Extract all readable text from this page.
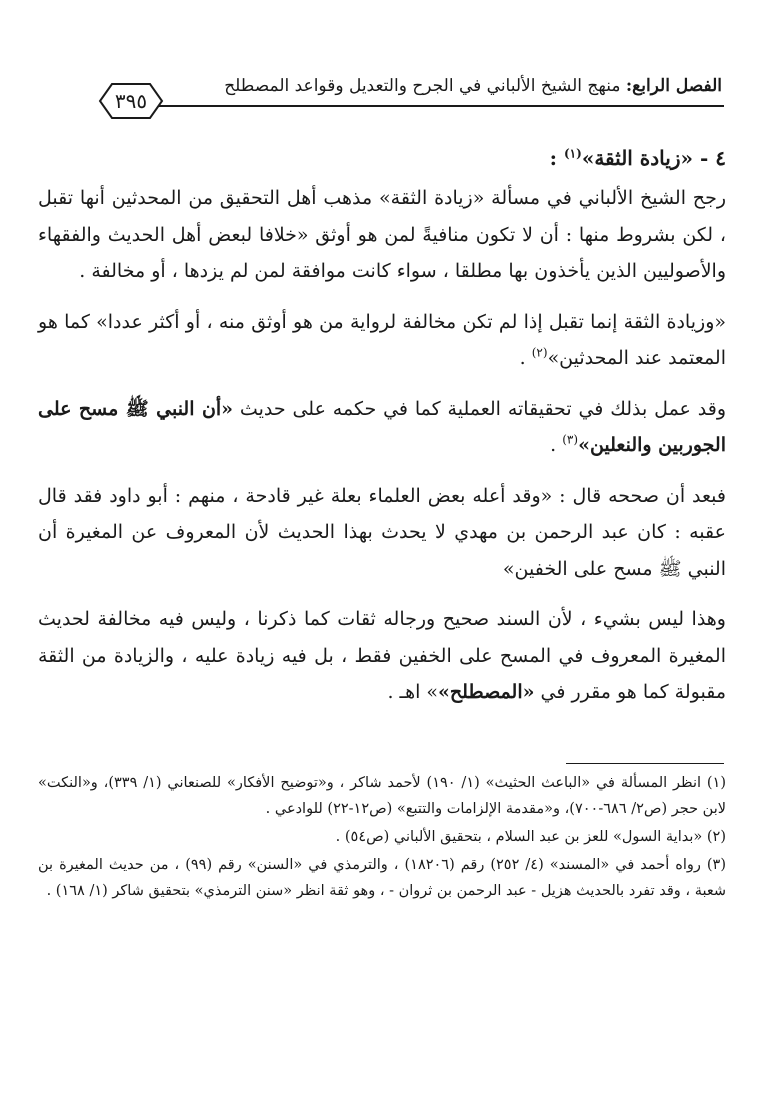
الفصل الرابع: منهج الشيخ الألباني في الجرح والتعديل وقواعد المصطلح
٣٩٥
٤ - «زيادة الثقة»$^{(١)}$ :

رجح الشيخ الألباني في مسألة «زيادة الثقة» مذهب أهل التحقيق من المحدثين أنها تقبل ، لكن بشروط منها : أن لا تكون منافيةً لمن هو أوثق «خلافا لبعض أهل الحديث والفقهاء والأصوليين الذين يأخذون بها مطلقا ، سواء كانت موافقة لمن لم يزدها ، أو مخالفة .

«وزيادة الثقة إنما تقبل إذا لم تكن مخالفة لرواية من هو أوثق منه ، أو أكثر عددا» كما هو المعتمد عند المحدثين»$^{(٢)}$ .

وقد عمل بذلك في تحقيقاته العملية كما في حكمه على حديث «أن النبي ﷺ مسح على الجوربين والنعلين»$^{(٣)}$ .

فبعد أن صححه قال : «وقد أعله بعض العلماء بعلة غير قادحة ، منهم : أبو داود فقد قال عقبه : كان عبد الرحمن بن مهدي لا يحدث بهذا الحديث لأن المعروف عن المغيرة أن النبي ﷺ مسح على الخفين»

وهذا ليس بشيء ، لأن السند صحيح ورجاله ثقات كما ذكرنا ، وليس فيه مخالفة لحديث المغيرة المعروف في المسح على الخفين فقط ، بل فيه زيادة عليه ، والزيادة من الثقة مقبولة كما هو مقرر في «المصطلح»» اهـ .

(١) انظر المسألة في «الباعث الحثيث» (١/ ١٩٠) لأحمد شاكر ، و«توضيح الأفكار» للصنعاني (١/ ٣٣٩)، و«النكت» لابن حجر (ص٢/ ٦٨٦-٧٠٠)، و«مقدمة الإلزامات والتتبع» (ص١٢-٢٢) للوادعي .

(٢) «بداية السول» للعز بن عبد السلام ، بتحقيق الألباني (ص٥٤) .

(٣) رواه أحمد في «المسند» (٤/ ٢٥٢) رقم (١٨٢٠٦) ، والترمذي في «السنن» رقم (٩٩) ، من حديث المغيرة بن شعبة ، وقد تفرد بالحديث هزيل - عبد الرحمن بن ثروان - ، وهو ثقة انظر «سنن الترمذي» بتحقيق شاكر (١/ ١٦٨) .
